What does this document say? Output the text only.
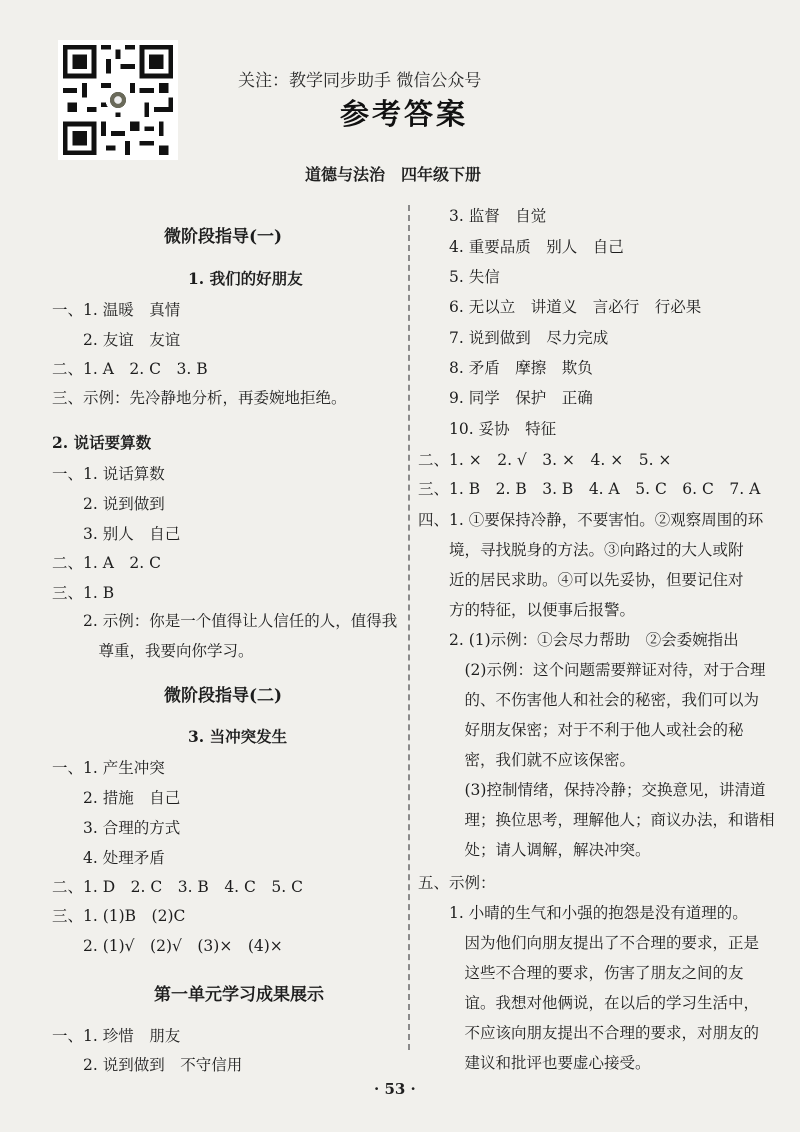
关注：教学同步助手 微信公众号
参考答案
道德与法治　四年级下册
微阶段指导(一)
1. 我们的好朋友
一、1. 温暖　真情
　　2. 友谊　友谊
二、1. A　2. C　3. B
三、示例：先冷静地分析，再委婉地拒绝。
2. 说话要算数
一、1. 说话算数
　　2. 说到做到
　　3. 别人　自己
二、1. A　2. C
三、1. B
　　2. 示例：你是一个值得让人信任的人，值得我
　　　尊重，我要向你学习。
微阶段指导(二)
3. 当冲突发生
一、1. 产生冲突
　　2. 措施　自己
　　3. 合理的方式
　　4. 处理矛盾
二、1. D　2. C　3. B　4. C　5. C
三、1. (1)B　(2)C
　　2. (1)√　(2)√　(3)×　(4)×
第一单元学习成果展示
一、1. 珍惜　朋友
　　2. 说到做到　不守信用
　　3. 监督　自觉
　　4. 重要品质　别人　自己
　　5. 失信
　　6. 无以立　讲道义　言必行　行必果
　　7. 说到做到　尽力完成
　　8. 矛盾　摩擦　欺负
　　9. 同学　保护　正确
　　10. 妥协　特征
二、1. ×　2. √　3. ×　4. ×　5. ×
三、1. B　2. B　3. B　4. A　5. C　6. C　7. A
四、1. ①要保持冷静，不要害怕。②观察周围的环
　　境，寻找脱身的方法。③向路过的大人或附
　　近的居民求助。④可以先妥协，但要记住对
　　方的特征，以便事后报警。
　　2. (1)示例：①会尽力帮助　②会委婉指出
　　　(2)示例：这个问题需要辩证对待，对于合理
　　　的、不伤害他人和社会的秘密，我们可以为
　　　好朋友保密；对于不利于他人或社会的秘
　　　密，我们就不应该保密。
　　　(3)控制情绪，保持冷静；交换意见，讲清道
　　　理；换位思考，理解他人；商议办法，和谐相
　　　处；请人调解，解决冲突。
五、示例：
　　1. 小晴的生气和小强的抱怨是没有道理的。
　　　因为他们向朋友提出了不合理的要求，正是
　　　这些不合理的要求，伤害了朋友之间的友
　　　谊。我想对他俩说，在以后的学习生活中，
　　　不应该向朋友提出不合理的要求，对朋友的
　　　建议和批评也要虚心接受。
· 53 ·
